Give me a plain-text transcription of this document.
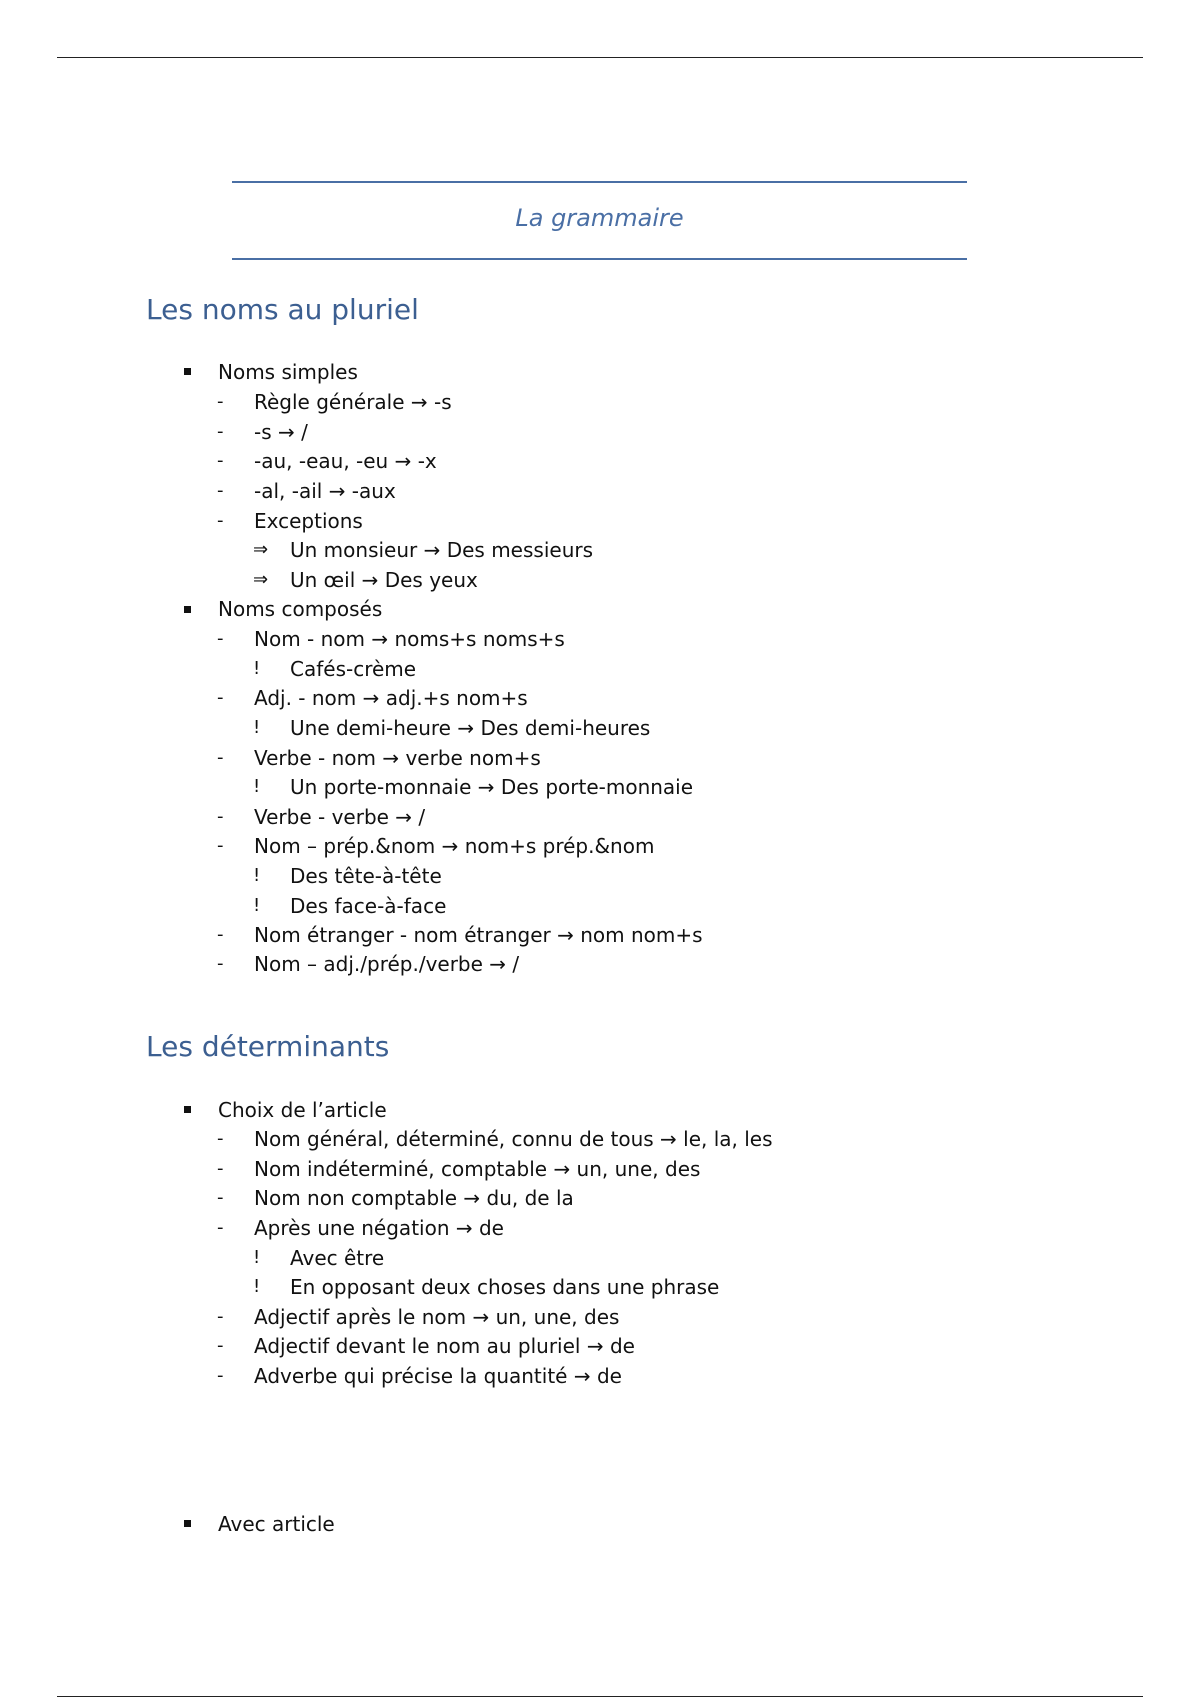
La grammaire
Les noms au pluriel
Noms simples
- Règle générale → -s
- -s → /
- -au, -eau, -eu → -x
- -al, -ail → -aux
- Exceptions
⇒ Un monsieur → Des messieurs
⇒ Un œil → Des yeux
Noms composés
- Nom - nom → noms+s noms+s
! Cafés-crème
- Adj. - nom → adj.+s nom+s
! Une demi-heure → Des demi-heures
- Verbe - nom → verbe nom+s
! Un porte-monnaie → Des porte-monnaie
- Verbe - verbe → /
- Nom – prép.&nom → nom+s prép.&nom
! Des tête-à-tête
! Des face-à-face
- Nom étranger - nom étranger → nom nom+s
- Nom – adj./prép./verbe → /
Les déterminants
Choix de l’article
- Nom général, déterminé, connu de tous → le, la, les
- Nom indéterminé, comptable → un, une, des
- Nom non comptable → du, de la
- Après une négation → de
! Avec être
! En opposant deux choses dans une phrase
- Adjectif après le nom → un, une, des
- Adjectif devant le nom au pluriel → de
- Adverbe qui précise la quantité → de
Avec article
